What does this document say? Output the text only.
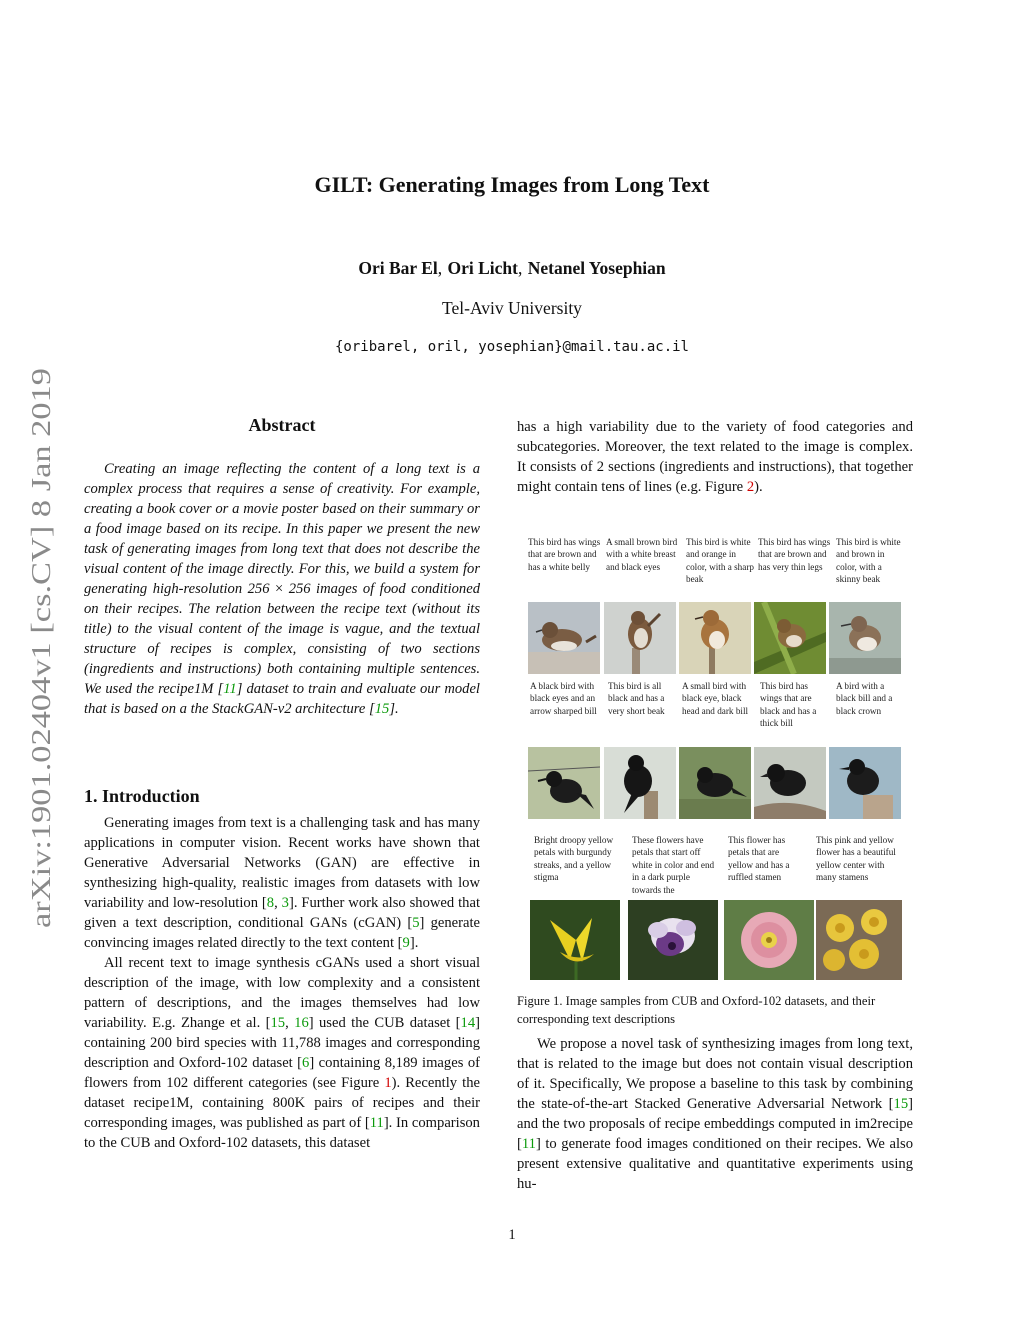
arXiv:1901.02404v1 [cs.CV] 8 Jan 2019
GILT: Generating Images from Long Text
Ori Bar El, Ori Licht, Netanel Yosephian
Tel-Aviv University
{oribarel, oril, yosephian}@mail.tau.ac.il
Abstract

Creating an image reflecting the content of a long text is a complex process that requires a sense of creativity. For example, creating a book cover or a movie poster based on their summary or a food image based on its recipe. In this paper we present the new task of generating images from long text that does not describe the visual content of the image directly. For this, we build a system for generating high-resolution 256 × 256 images of food conditioned on their recipes. The relation between the recipe text (without its title) to the visual content of the image is vague, and the textual structure of recipes is complex, consisting of two sections (ingredients and instructions) both containing multiple sentences. We used the recipe1M [11] dataset to train and evaluate our model that is based on a the StackGAN-v2 architecture [15].

1. Introduction

Generating images from text is a challenging task and has many applications in computer vision. Recent works have shown that Generative Adversarial Networks (GAN) are effective in synthesizing high-quality, realistic images from datasets with low variability and low-resolution [8, 3]. Further work also showed that given a text description, conditional GANs (cGAN) [5] generate convincing images related directly to the text content [9].

All recent text to image synthesis cGANs used a short visual description of the image, with low complexity and a consistent pattern of descriptions, and the images themselves had low variability. E.g. Zhange et al. [15, 16] used the CUB dataset [14] containing 200 bird species with 11,788 images and corresponding description and Oxford-102 dataset [6] containing 8,189 images of flowers from 102 different categories (see Figure 1). Recently the dataset recipe1M, containing 800K pairs of recipes and their corresponding images, was published as part of [11]. In comparison to the CUB and Oxford-102 datasets, this dataset

has a high variability due to the variety of food categories and subcategories. Moreover, the text related to the image is complex. It consists of 2 sections (ingredients and instructions), that together might contain tens of lines (e.g. Figure 2).

This bird has wings that are brown and has a white belly
A small brown bird with a white breast and black eyes
This bird is white and orange in color, with a sharp beak
This bird has wings that are brown and has very thin legs
This bird is white and brown in color, with a skinny beak
A black bird with black eyes and an arrow sharped bill
This bird is all black and has a very short beak
A small bird with black eye, black head and dark bill
This bird has wings that are black and has a thick bill
A bird with a black bill and a black crown
Bright droopy yellow petals with burgundy streaks, and a yellow stigma
These flowers have petals that start off white in color and end in a dark purple towards the
This flower has petals that are yellow and has a ruffled stamen
This pink and yellow flower has a beautiful yellow center with many stamens
Figure 1. Image samples from CUB and Oxford-102 datasets, and their corresponding text descriptions

We propose a novel task of synthesizing images from long text, that is related to the image but does not contain visual description of it. Specifically, We propose a baseline to this task by combining the state-of-the-art Stacked Generative Adversarial Network [15] and the two proposals of recipe embeddings computed in im2recipe [11] to generate food images conditioned on their recipes. We also present extensive qualitative and quantitative experiments using hu-

1
